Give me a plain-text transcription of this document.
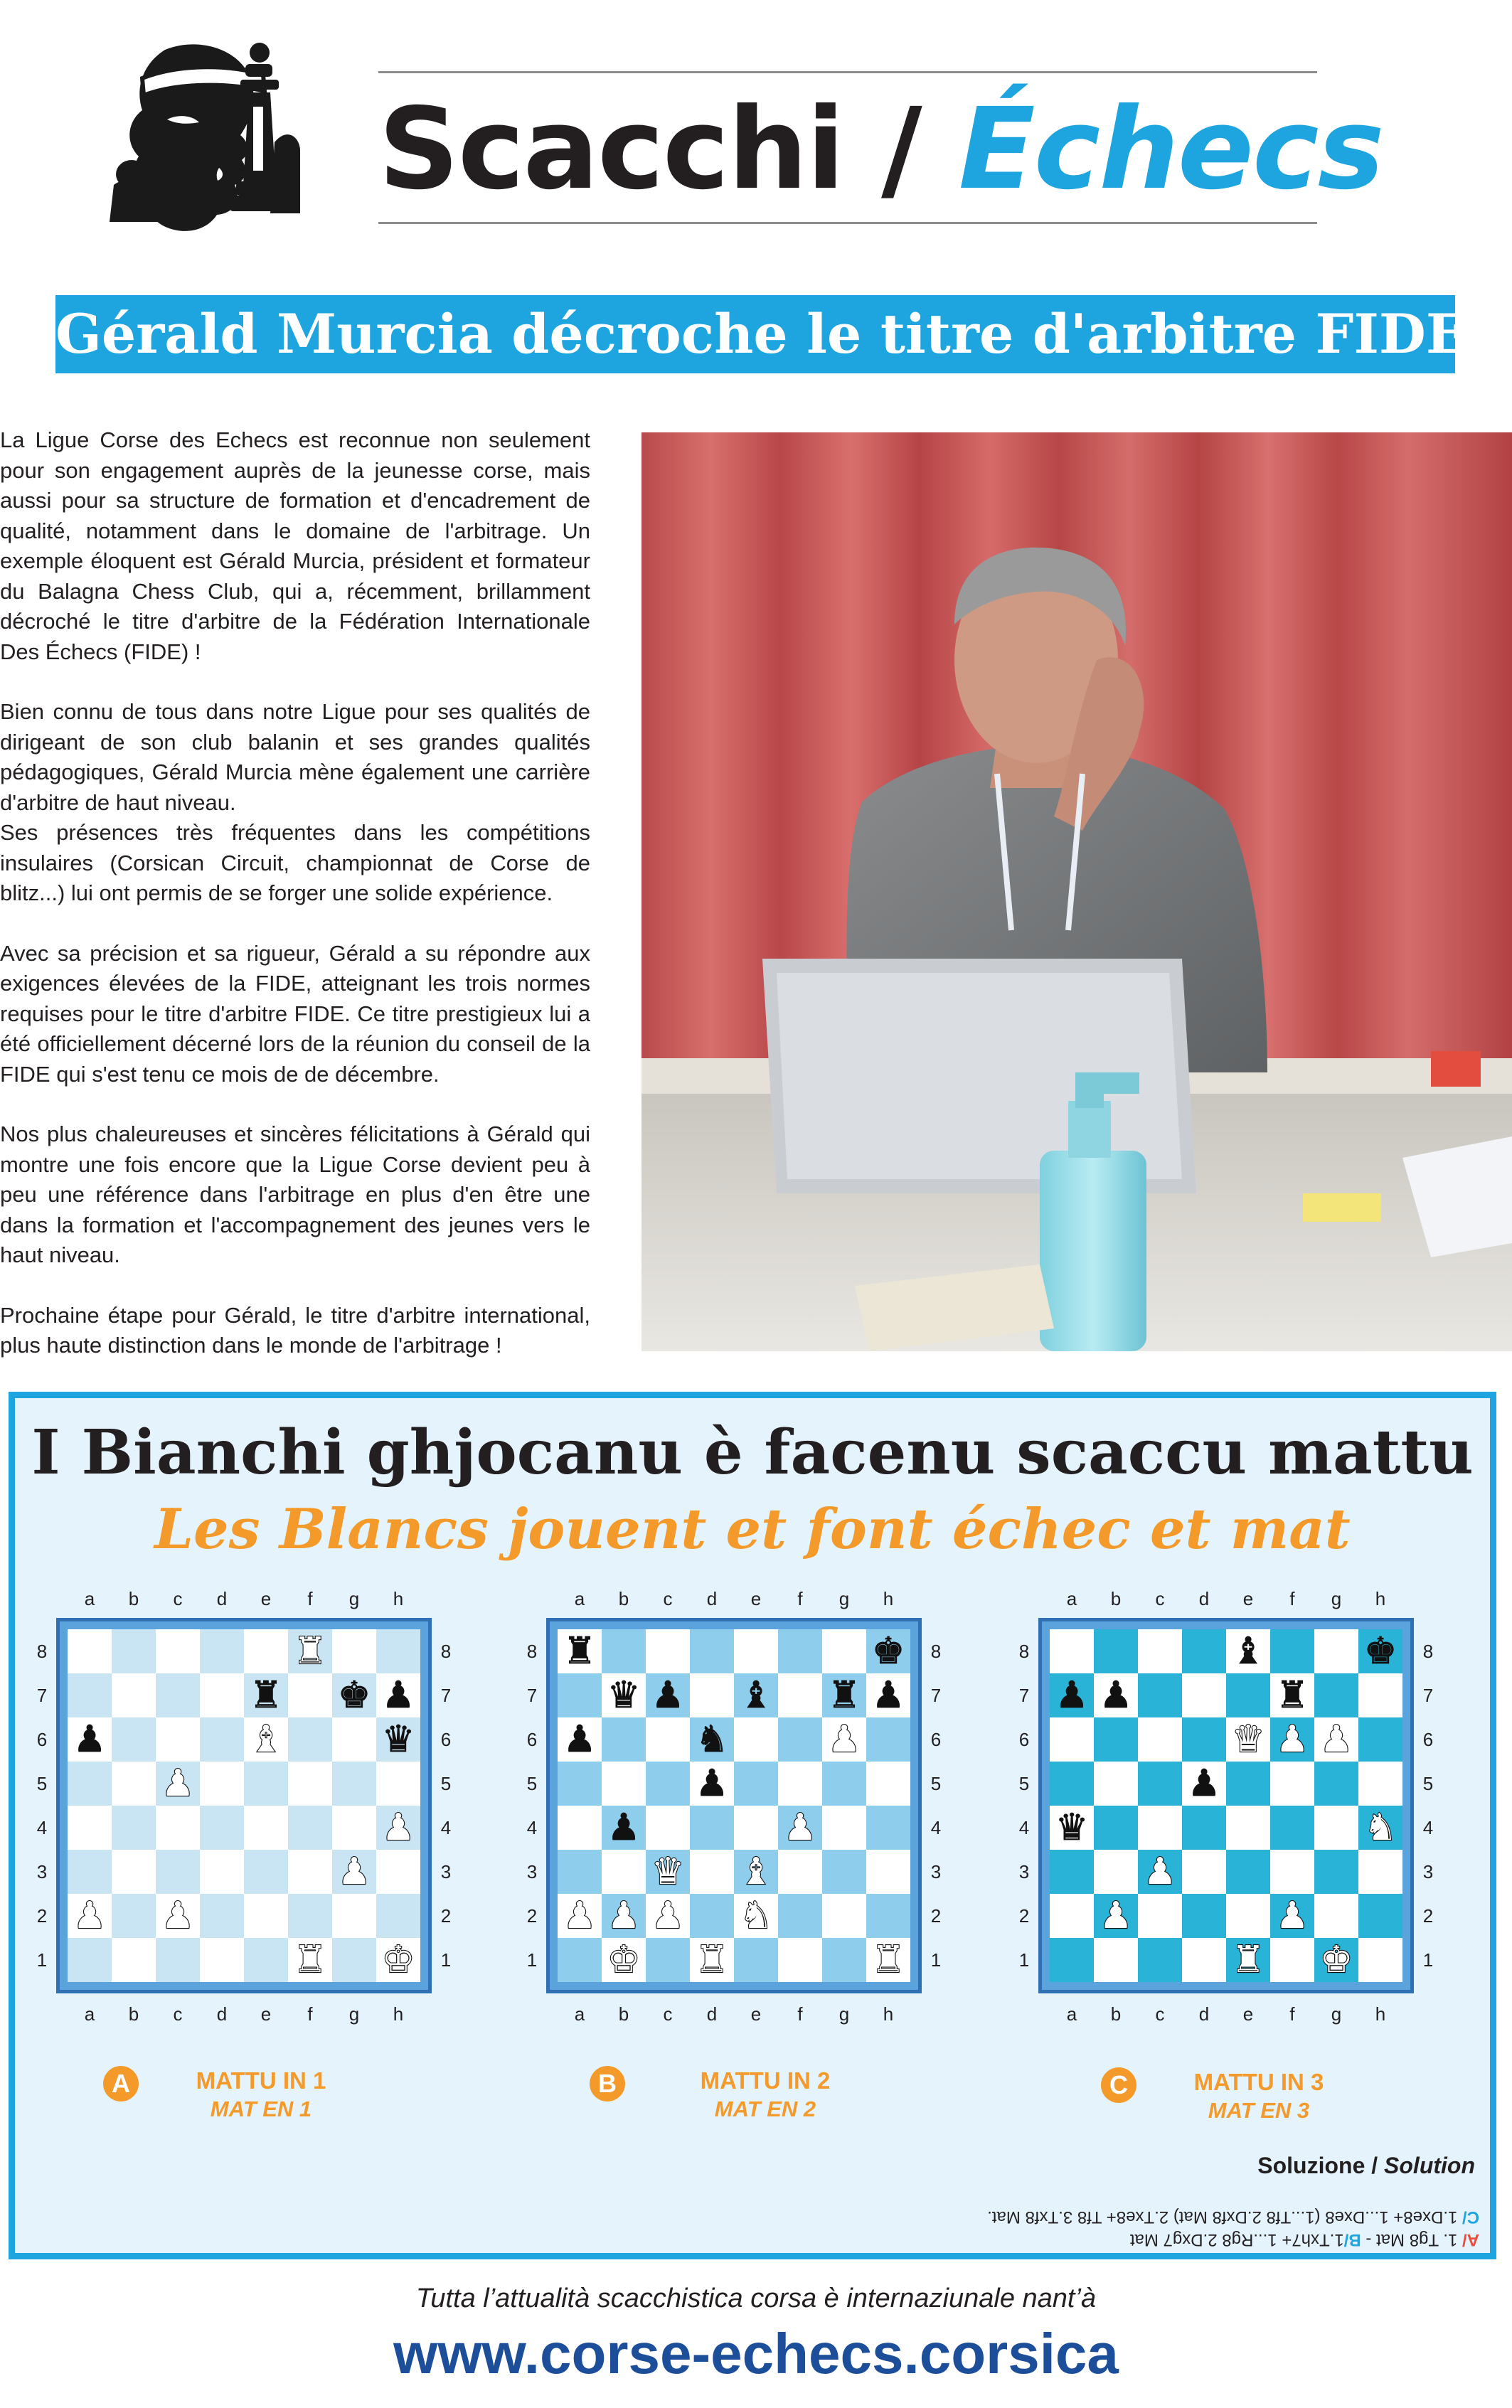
Scacchi / Échecs
Gérald Murcia décroche le titre d'arbitre FIDE

La Ligue Corse des Echecs est reconnue non seulement pour son engagement auprès de la jeunesse corse, mais aussi pour sa structure de formation et d'encadrement de qualité, notamment dans le domaine de l'arbitrage. Un exemple éloquent est Gérald Murcia, président et formateur du Balagna Chess Club, qui a, récemment, brillamment décroché le titre d'arbitre de la Fédération Internationale Des Échecs (FIDE) !

Bien connu de tous dans notre Ligue pour ses qualités de dirigeant de son club balanin et ses grandes qualités pédagogiques, Gérald Murcia mène également une carrière d'arbitre de haut niveau.
Ses présences très fréquentes dans les compétitions insulaires (Corsican Circuit, championnat de Corse de blitz...) lui ont permis de se forger une solide expérience.

Avec sa précision et sa rigueur, Gérald a su répondre aux exigences élevées de la FIDE, atteignant les trois normes requises pour le titre d'arbitre FIDE. Ce titre prestigieux lui a été officiellement décerné lors de la réunion du conseil de la FIDE qui s'est tenu ce mois de de décembre.

Nos plus chaleureuses et sincères félicitations à Gérald qui montre une fois encore que la Ligue Corse devient peu à peu une référence dans l'arbitrage en plus d'en être une dans la formation et l'accompagnement des jeunes vers le haut niveau.

Prochaine étape pour Gérald, le titre d'arbitre international, plus haute distinction dans le monde de l'arbitrage !

I Bianchi ghjocanu è facenu scaccu mattu
Les Blancs jouent et font échec et mat
a
a
b
b
c
c
d
d
e
e
f
f
g
g
h
h
8	8
7	7
6	6
5	5
4	4
3	3
2	2
1	1
♜
♜ ♚ ♟
♟	♝	♛
♟
♟
♟
♟ ♟
♜ ♚
a
a
b
b
c
c
d
d
e
e
f
f
g
g
h
h
8	8
7	7
6	6
5	5
4	4
3	3
2	2
1	1
♜	♚
♛ ♟ ♝ ♜ ♟
♟	♞	♟
♟
♟	♟
♛ ♝
♟ ♟ ♟ ♞
♚ ♜	♜
a
a
b
b
c
c
d
d
e
e
f
f
g
g
h
h
8	8
7	7
6	6
5	5
4	4
3	3
2	2
1	1
♝	♚
♟ ♟	♜
♛ ♟ ♟
♟
♛	♞
♟
♟	♟
♜ ♚
A	MATTU IN 1
MAT EN 1
B	MATTU IN 2
MAT EN 2
C	MATTU IN 3
MAT EN 3
Soluzione / Solution
A/ 1. Tg8 Mat - B/1.Txh7+ 1...Rg8 2.Dxg7 Mat
C/ 1.Dxe8+ 1...Dxe8 (1...Tf8 2.Dxf8 Mat) 2.Txe8+ Tf8 3.Txf8 Mat.
Tutta l’attualità scacchistica corsa è internaziunale nant’à
www.corse-echecs.corsica
